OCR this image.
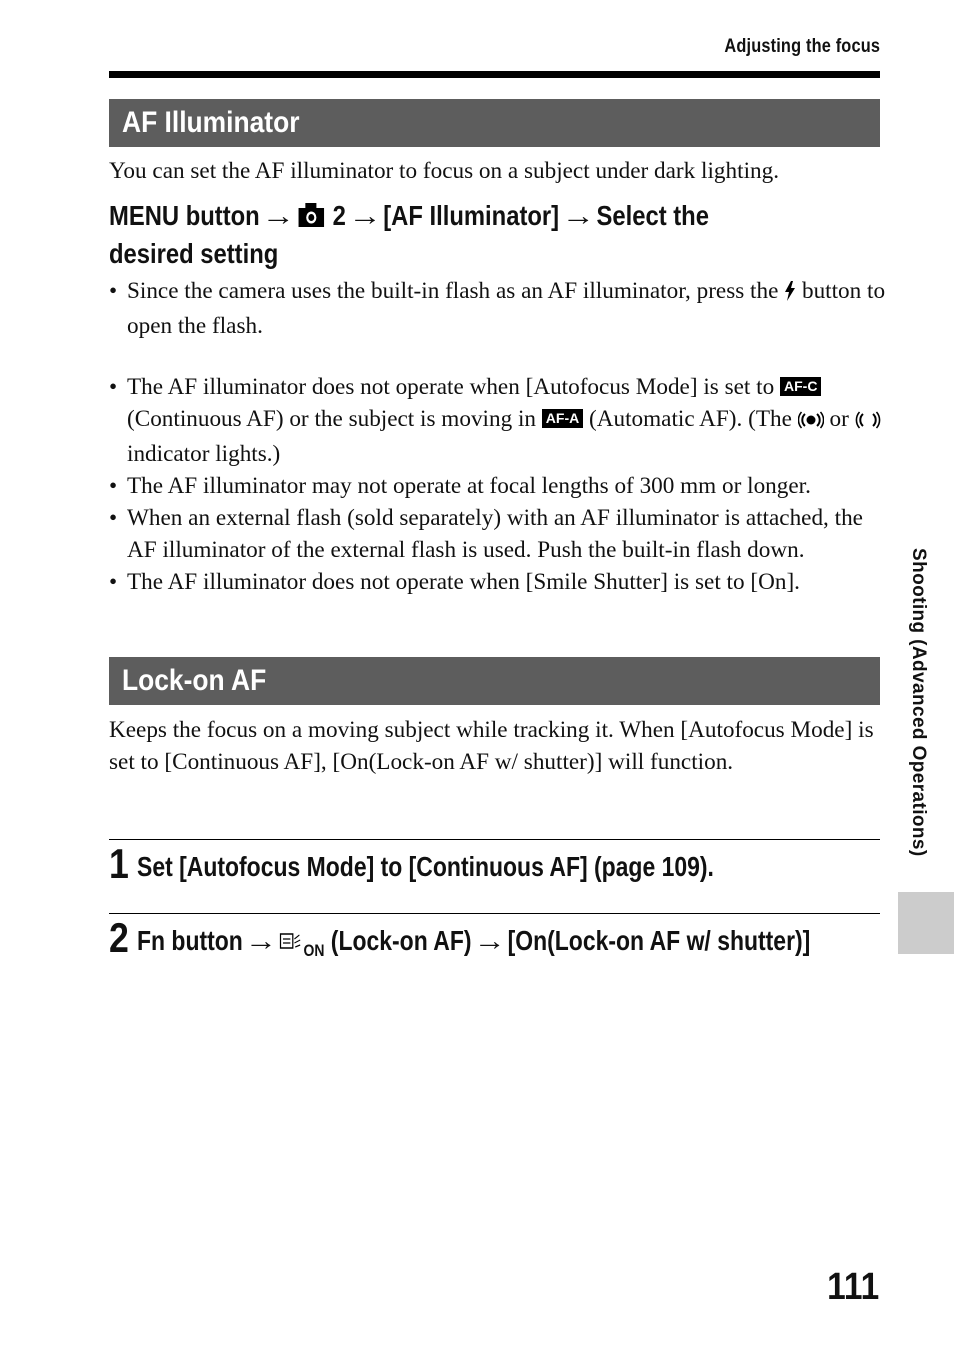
Adjusting the focus
AF Illuminator

You can set the AF illuminator to focus on a subject under dark lighting.

MENU button→ 2→[AF Illuminator]→Select the desired setting
• Since the camera uses the built-in flash as an AF illuminator, press the button to open the flash.
• The AF illuminator does not operate when [Autofocus Mode] is set to AF-C (Continuous AF) or the subject is moving in AF-A (Automatic AF). (The or  indicator lights.)
• The AF illuminator may not operate at focal lengths of 300 mm or longer.
• When an external flash (sold separately) with an AF illuminator is attached, the AF illuminator of the external flash is used. Push the built-in flash down.
• The AF illuminator does not operate when [Smile Shutter] is set to [On].
Lock-on AF

Keeps the focus on a moving subject while tracking it. When [Autofocus Mode] is set to [Continuous AF], [On(Lock-on AF w/ shutter)] will function.

1 Set [Autofocus Mode] to [Continuous AF] (page 109).
2 Fn button→ $_{ON}$ (Lock-on AF)→[On(Lock-on AF w/ shutter)]
Shooting (Advanced Operations)
111
